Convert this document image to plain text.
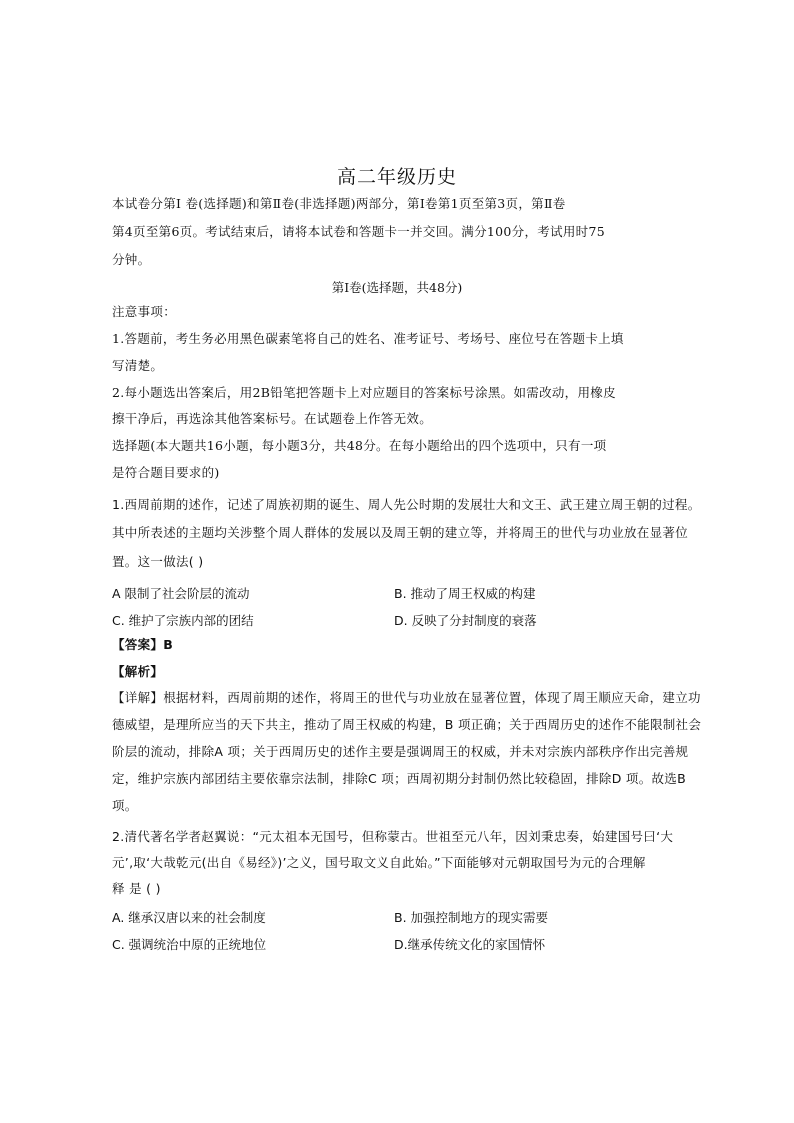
高二年级历史
本试卷分第Ⅰ 卷(选择题)和第Ⅱ卷(非选择题)两部分，第Ⅰ卷第1页至第3页，第Ⅱ卷
第4页至第6页。考试结束后，请将本试卷和答题卡一并交回。满分100分，考试用时75
分钟。
第Ⅰ卷(选择题，共48分)
注意事项：
1.答题前，考生务必用黑色碳素笔将自己的姓名、准考证号、考场号、座位号在答题卡上填
写清楚。
2.每小题选出答案后，用2B铅笔把答题卡上对应题目的答案标号涂黑。如需改动，用橡皮
擦干净后，再选涂其他答案标号。在试题卷上作答无效。
选择题(本大题共16小题，每小题3分，共48分。在每小题给出的四个选项中，只有一项
是符合题目要求的)
1.西周前期的述作，记述了周族初期的诞生、周人先公时期的发展壮大和文王、武王建立周王朝的过程。
其中所表述的主题均关涉整个周人群体的发展以及周王朝的建立等，并将周王的世代与功业放在显著位
置。这一做法( )
A 限制了社会阶层的流动	B. 推动了周王权威的构建
C. 维护了宗族内部的团结	D. 反映了分封制度的衰落
【答案】B
【解析】
【详解】根据材料，西周前期的述作，将周王的世代与功业放在显著位置，体现了周王顺应天命，建立功
德威望，是理所应当的天下共主，推动了周王权威的构建，B 项正确；关于西周历史的述作不能限制社会
阶层的流动，排除A 项；关于西周历史的述作主要是强调周王的权威，并未对宗族内部秩序作出完善规
定，维护宗族内部团结主要依靠宗法制，排除C 项；西周初期分封制仍然比较稳固，排除D 项。故选B
项。
2.清代著名学者赵翼说：“元太祖本无国号，但称蒙古。世祖至元八年，因刘秉忠奏，始建国号曰‘大
元’,取‘大哉乾元(出自《易经》)’之义，国号取文义自此始。”下面能够对元朝取国号为元的合理解
释 是 ( )
A. 继承汉唐以来的社会制度	B. 加强控制地方的现实需要
C. 强调统治中原的正统地位	D.继承传统文化的家国情怀
